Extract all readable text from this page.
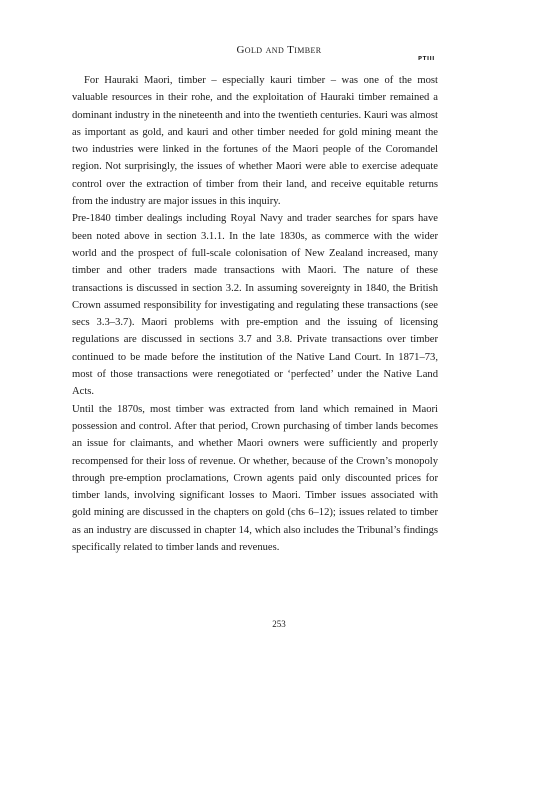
Gold and Timber
PTIII

For Hauraki Maori, timber – especially kauri timber – was one of the most valuable resources in their rohe, and the exploitation of Hauraki timber remained a dominant industry in the nineteenth and into the twentieth centuries. Kauri was almost as important as gold, and kauri and other timber needed for gold mining meant the two industries were linked in the fortunes of the Maori people of the Coromandel region. Not surprisingly, the issues of whether Maori were able to exercise adequate control over the extraction of timber from their land, and receive equitable returns from the industry are major issues in this inquiry.

Pre-1840 timber dealings including Royal Navy and trader searches for spars have been noted above in section 3.1.1. In the late 1830s, as commerce with the wider world and the prospect of full-scale colonisation of New Zealand increased, many timber and other traders made transactions with Maori. The nature of these transactions is discussed in section 3.2. In assuming sovereignty in 1840, the British Crown assumed responsibility for investigating and regulating these transactions (see secs 3.3–3.7). Maori problems with pre-emption and the issuing of licensing regulations are discussed in sections 3.7 and 3.8. Private transactions over timber continued to be made before the institution of the Native Land Court. In 1871–73, most of those transactions were renegotiated or ‘perfected’ under the Native Land Acts.

Until the 1870s, most timber was extracted from land which remained in Maori possession and control. After that period, Crown purchasing of timber lands becomes an issue for claimants, and whether Maori owners were sufficiently and properly recompensed for their loss of revenue. Or whether, because of the Crown’s monopoly through pre-emption proclamations, Crown agents paid only discounted prices for timber lands, involving significant losses to Maori. Timber issues associated with gold mining are discussed in the chapters on gold (chs 6–12); issues related to timber as an industry are discussed in chapter 14, which also includes the Tribunal’s findings specifically related to timber lands and revenues.

253
